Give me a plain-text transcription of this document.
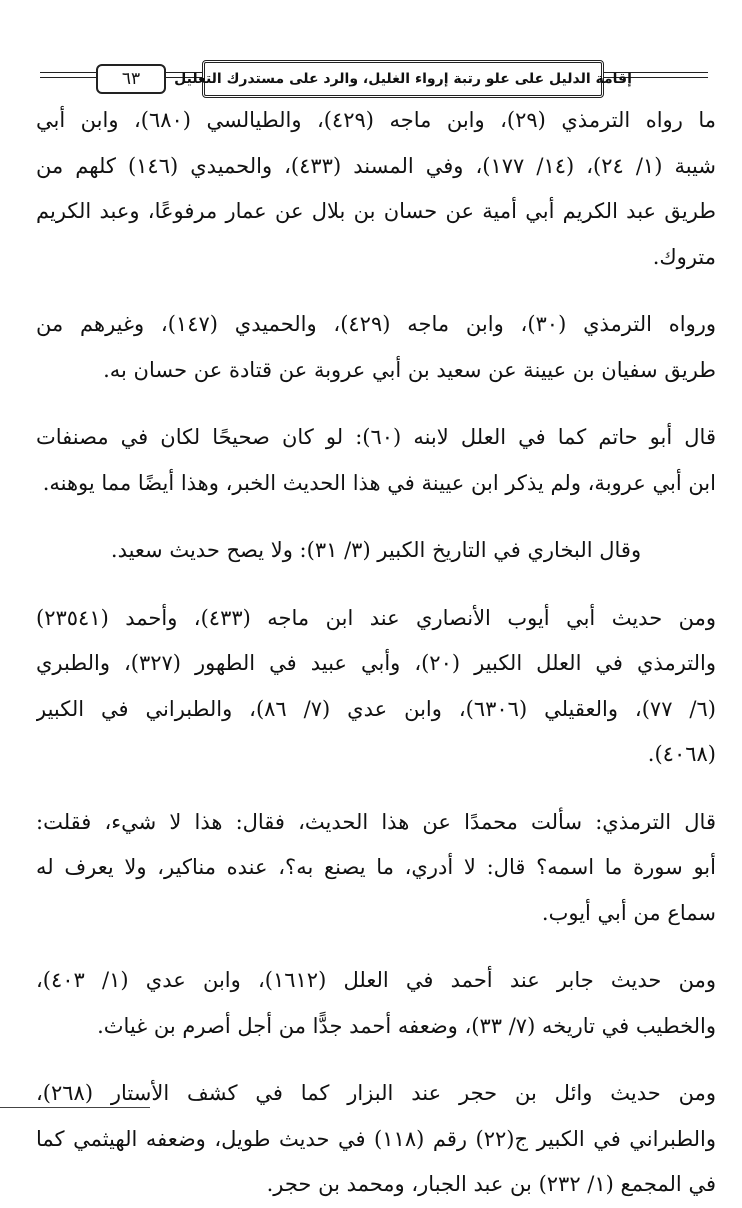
٦٣	إقامة الدليل على علو رتبة إرواء الغليل، والرد على مستدرك التعليل

ما رواه الترمذي (٢٩)، وابن ماجه (٤٢٩)، والطيالسي (٦٨٠)، وابن أبي
شيبة (١/ ٢٤)، (١٤/ ١٧٧)، وفي المسند (٤٣٣)، والحميدي (١٤٦) كلهم من
طريق عبد الكريم أبي أمية عن حسان بن بلال عن عمار مرفوعًا، وعبد الكريم
متروك.

ورواه الترمذي (٣٠)، وابن ماجه (٤٢٩)، والحميدي (١٤٧)، وغيرهم من
طريق سفيان بن عيينة عن سعيد بن أبي عروبة عن قتادة عن حسان به.

قال أبو حاتم كما في العلل لابنه (٦٠): لو كان صحيحًا لكان في مصنفات
ابن أبي عروبة، ولم يذكر ابن عيينة في هذا الحديث الخبر، وهذا أيضًا مما يوهنه.

وقال البخاري في التاريخ الكبير (٣/ ٣١): ولا يصح حديث سعيد.

ومن حديث أبي أيوب الأنصاري عند ابن ماجه (٤٣٣)، وأحمد (٢٣٥٤١)
والترمذي في العلل الكبير (٢٠)، وأبي عبيد في الطهور (٣٢٧)، والطبري
(٦/ ٧٧)، والعقيلي (٦٣٠٦)، وابن عدي (٧/ ٨٦)، والطبراني في الكبير
(٤٠٦٨).

قال الترمذي: سألت محمدًا عن هذا الحديث، فقال: هذا لا شيء، فقلت:
أبو سورة ما اسمه؟ قال: لا أدري، ما يصنع به؟، عنده مناكير، ولا يعرف له
سماع من أبي أيوب.

ومن حديث جابر عند أحمد في العلل (١٦١٢)، وابن عدي (١/ ٤٠٣)،
والخطيب في تاريخه (٧/ ٣٣)، وضعفه أحمد جدًّا من أجل أصرم بن غياث.

ومن حديث وائل بن حجر عند البزار كما في كشف الأستار (٢٦٨)،
والطبراني في الكبير ج(٢٢) رقم (١١٨) في حديث طويل، وضعفه الهيثمي كما
في المجمع (١/ ٢٣٢) بن عبد الجبار، ومحمد بن حجر.
